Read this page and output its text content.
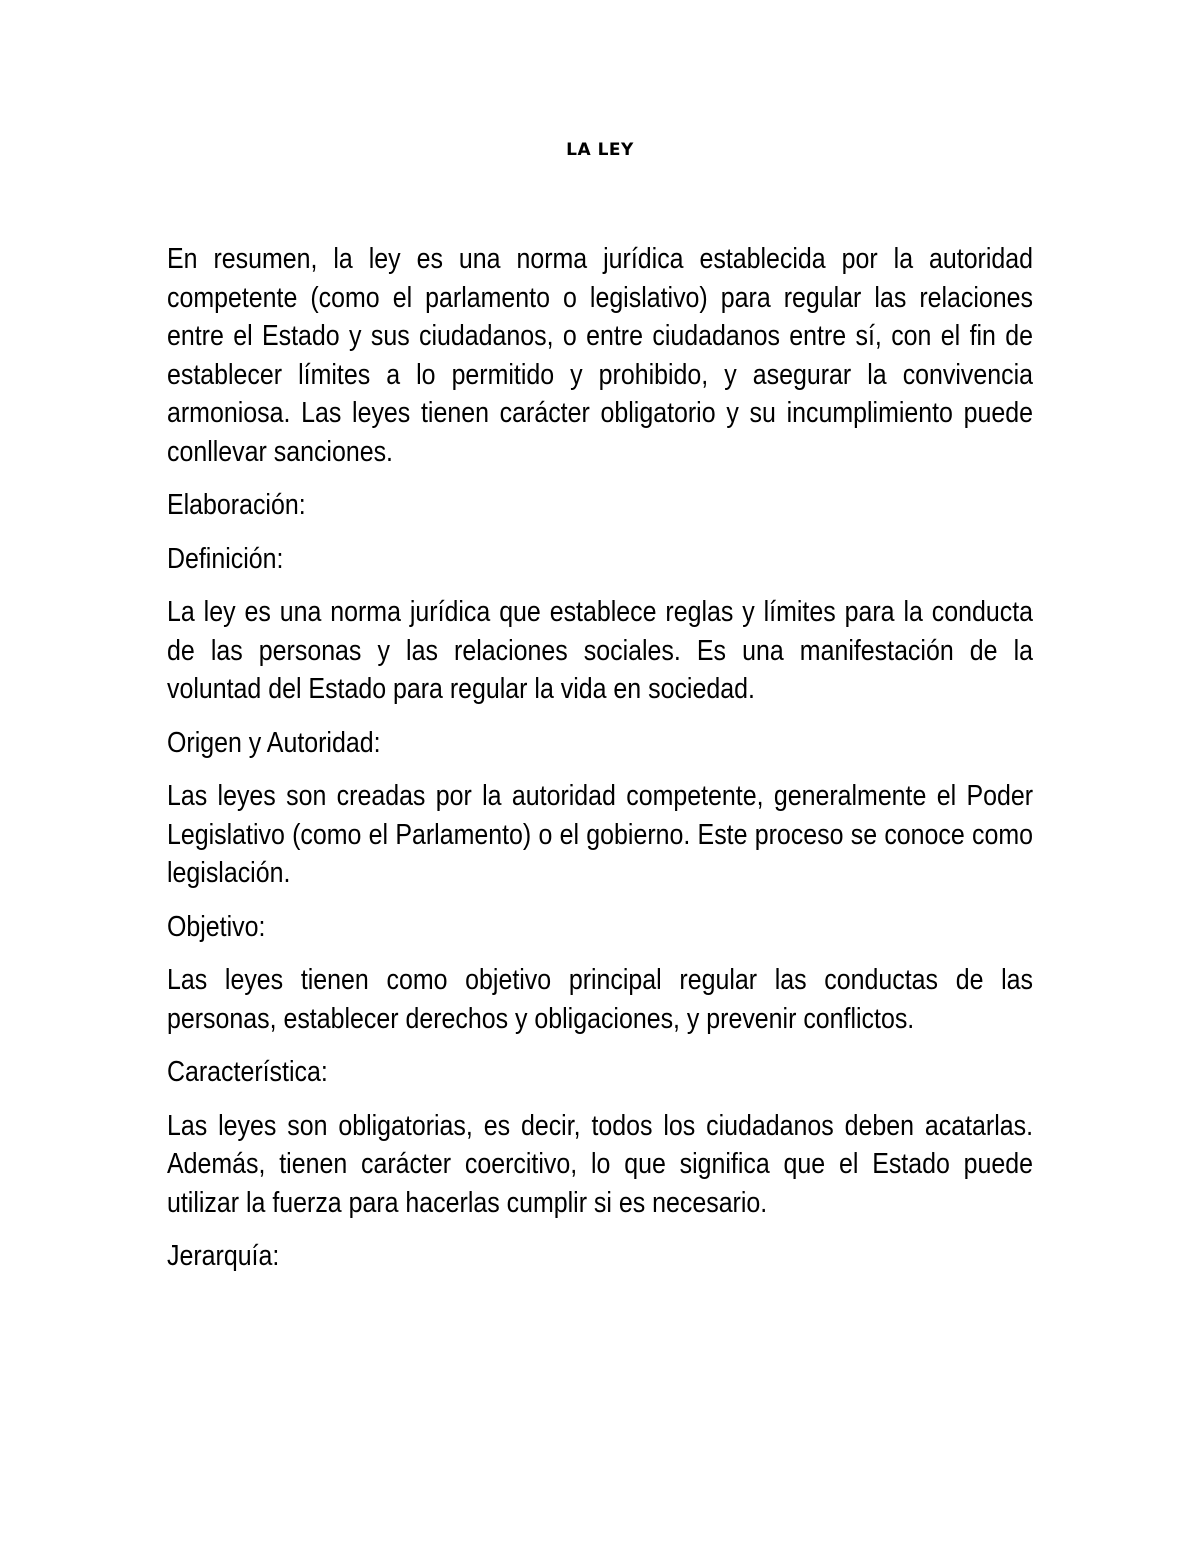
LA LEY

En resumen, la ley es una norma jurídica establecida por la autoridad competente (como el parlamento o legislativo) para regular las relaciones entre el Estado y sus ciudadanos, o entre ciudadanos entre sí, con el fin de establecer límites a lo permitido y prohibido, y asegurar la convivencia armoniosa. Las leyes tienen carácter obligatorio y su incumplimiento puede conllevar sanciones.

Elaboración:

Definición:

La ley es una norma jurídica que establece reglas y límites para la conducta de las personas y las relaciones sociales. Es una manifestación de la voluntad del Estado para regular la vida en sociedad.

Origen y Autoridad:

Las leyes son creadas por la autoridad competente, generalmente el Poder Legislativo (como el Parlamento) o el gobierno. Este proceso se conoce como legislación.

Objetivo:

Las leyes tienen como objetivo principal regular las conductas de las personas, establecer derechos y obligaciones, y prevenir conflictos.

Característica:

Las leyes son obligatorias, es decir, todos los ciudadanos deben acatarlas. Además, tienen carácter coercitivo, lo que significa que el Estado puede utilizar la fuerza para hacerlas cumplir si es necesario.

Jerarquía:
